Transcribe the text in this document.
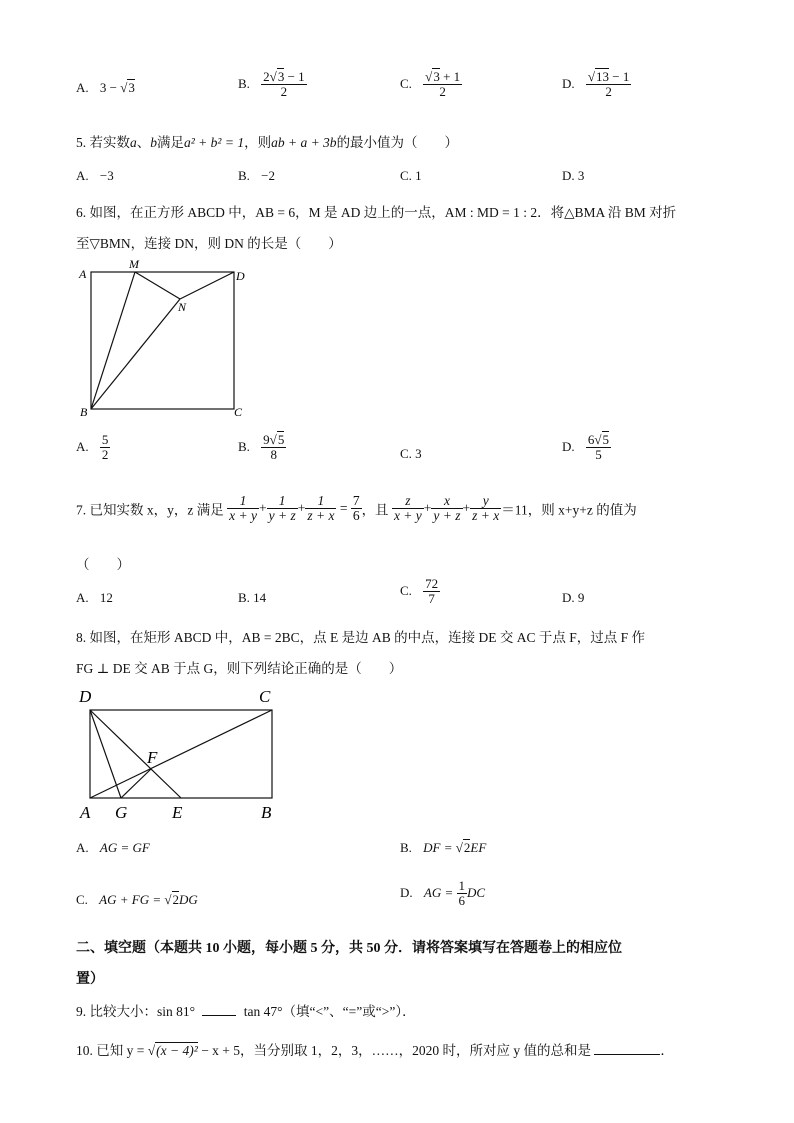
A. 3 − √3	B. $\frac{2√3 - 1}{2}$	C. $\frac{√3 + 1}{2}$	D. $\frac{√13 - 1}{2}$
5. 若实数a、b满足a² + b² = 1，则ab + a + 3b的最小值为（　　）
A. −3	B. −2	C. 1	D. 3
6. 如图，在正方形 ABCD 中，AB = 6，M 是 AD 边上的一点，AM : MD = 1 : 2．将△BMA 沿 BM 对折
至▽BMN，连接 DN，则 DN 的长是（　　）
A
M
D
N
B	C
A. $\frac{5}{2}$	B. $\frac{9√5}{8}$	C. 3	D. $\frac{6√5}{5}$
7. 已知实数 x，y，z 满足 $\frac{1}{x + y} + \frac{1}{y + z} + \frac{1}{z + x} = \frac{7}{6}$ ，且 $\frac{z}{x + y} + \frac{x}{y + z} + \frac{y}{z + x} =11$，则 x+y+z 的值为
（　　）
A. 12	B. 14	C. $\frac{72}{7}$	D. 9
8. 如图，在矩形 ABCD 中，AB = 2BC，点 E 是边 AB 的中点，连接 DE 交 AC 于点 F，过点 F 作
FG ⊥ DE 交 AB 于点 G，则下列结论正确的是（　　）
D	C
F
A G	E	B
A. AG = GF	B. DF = √2EF
C. AG + FG = √2DG	D. AG = $\frac{1}{6}$ DC
二、填空题（本题共 10 小题，每小题 5 分，共 50 分．请将答案填写在答题卷上的相应位
置）
9. 比较大小：sin 81°	tan 47°（填“<”、“=”或“>”）．
10. 已知 y = √(x − 4)² − x + 5，当分别取 1，2，3，……，2020 时，所对应 y 值的总和是	．
